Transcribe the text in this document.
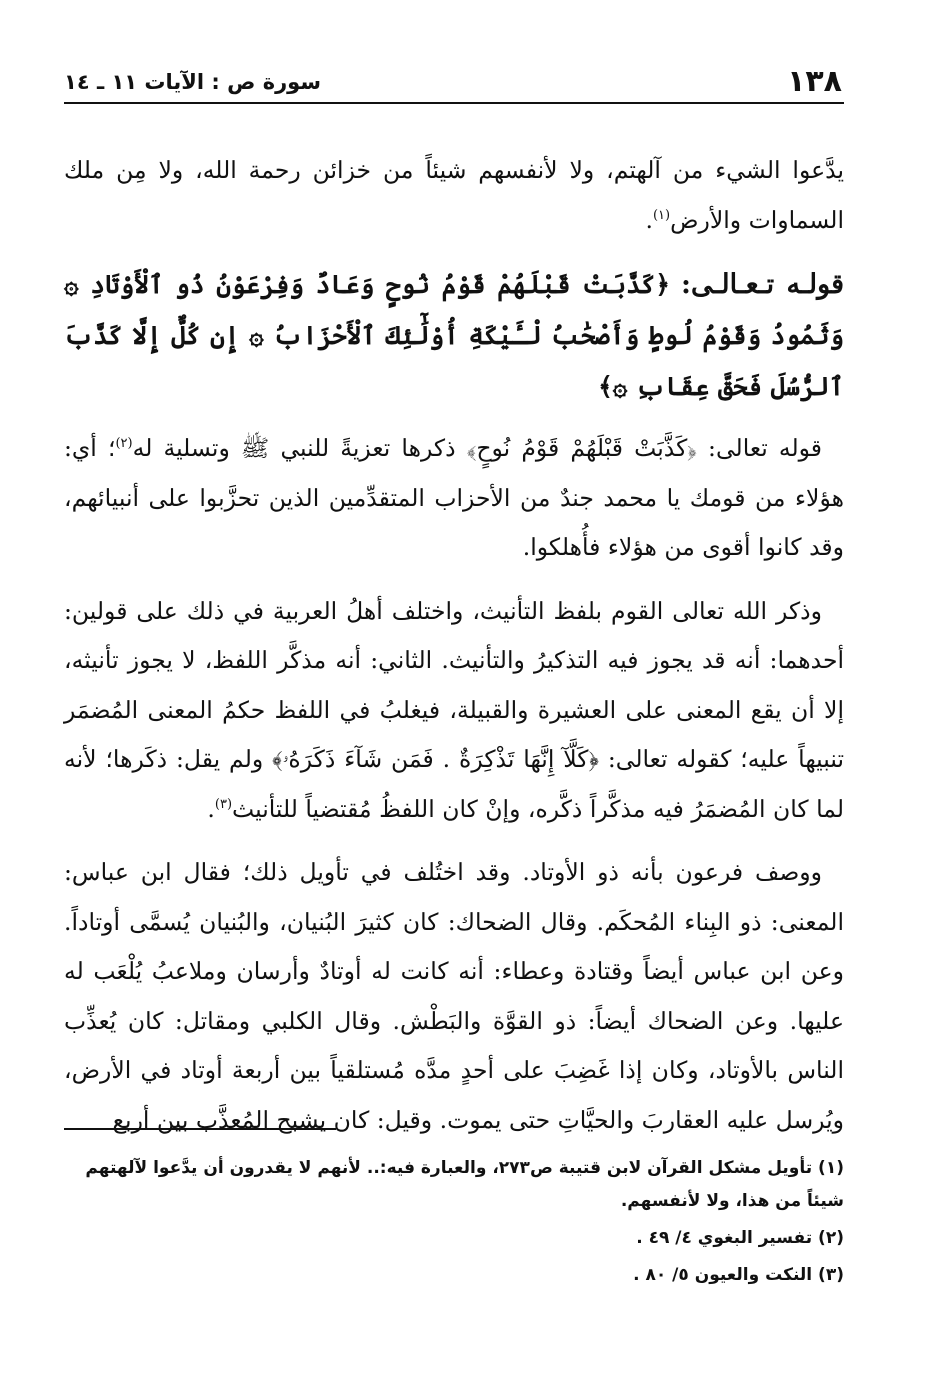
١٣٨
سورة ص : الآيات ١١ ـ ١٤

يدَّعوا الشيء من آلهتم، ولا لأنفسهم شيئاً من خزائن رحمة الله، ولا مِن ملك السماوات والأرض$^{(١)}$.

قولـه تـعـالـى: ﴿كَذَّبَتْ قَبْلَهُمْ قَوْمُ نُوحٍ وَعَادٌ وَفِرْعَوْنُ ذُو ٱلْأَوْتَادِ ۞ وَثَمُودُ وَقَوْمُ لُوطٍ وَأَصْحَٰبُ لْـَٔيْكَةِ أُوْلَٰٓئِكَ ٱلْأَحْزَابُ ۞ إِن كُلٌّ إِلَّا كَذَّبَ ٱلرُّسُلَ فَحَقَّ عِقَابِ ۞﴾

قوله تعالى: ﴿كَذَّبَتْ قَبْلَهُمْ قَوْمُ نُوحٍ﴾ ذكرها تعزيةً للنبي ﷺ وتسلية له$^{(٢)}$؛ أي: هؤلاء من قومك يا محمد جندٌ من الأحزاب المتقدِّمين الذين تحزَّبوا على أنبيائهم، وقد كانوا أقوى من هؤلاء فأُهلكوا.

وذكر الله تعالى القوم بلفظ التأنيث، واختلف أهلُ العربية في ذلك على قولين: أحدهما: أنه قد يجوز فيه التذكيرُ والتأنيث. الثاني: أنه مذكَّر اللفظ، لا يجوز تأنيثه، إلا أن يقع المعنى على العشيرة والقبيلة، فيغلبُ في اللفظ حكمُ المعنى المُضمَر تنبيهاً عليه؛ كقوله تعالى: ﴿كَلَّآ إِنَّهَا تَذْكِرَةٌ . فَمَن شَآءَ ذَكَرَهُۥ﴾ ولم يقل: ذكَرها؛ لأنه لما كان المُضمَرُ فيه مذكَّراً ذكَّره، وإنْ كان اللفظُ مُقتضياً للتأنيث$^{(٣)}$.

ووصف فرعون بأنه ذو الأوتاد. وقد اختُلف في تأويل ذلك؛ فقال ابن عباس: المعنى: ذو البِناء المُحكَم. وقال الضحاك: كان كثيرَ البُنيان، والبُنيان يُسمَّى أوتاداً. وعن ابن عباس أيضاً وقتادة وعطاء: أنه كانت له أوتادٌ وأرسان وملاعبُ يُلْعَب له عليها. وعن الضحاك أيضاً: ذو القوَّة والبَطْش. وقال الكلبي ومقاتل: كان يُعذِّب الناس بالأوتاد، وكان إذا غَضِبَ على أحدٍ مدَّه مُستلقياً بين أربعة أوتاد في الأرض، ويُرسل عليه العقاربَ والحيَّاتِ حتى يموت. وقيل: كان يشبح المُعذَّب بين أربع

(١) تأويل مشكل القرآن لابن قتيبة ص٢٧٣، والعبارة فيه:.. لأنهم لا يقدرون أن يدَّعوا لآلهتهم شيئاً من هذا، ولا لأنفسهم.

(٢) تفسير البغوي ٤/ ٤٩ .

(٣) النكت والعيون ٥/ ٨٠ .
